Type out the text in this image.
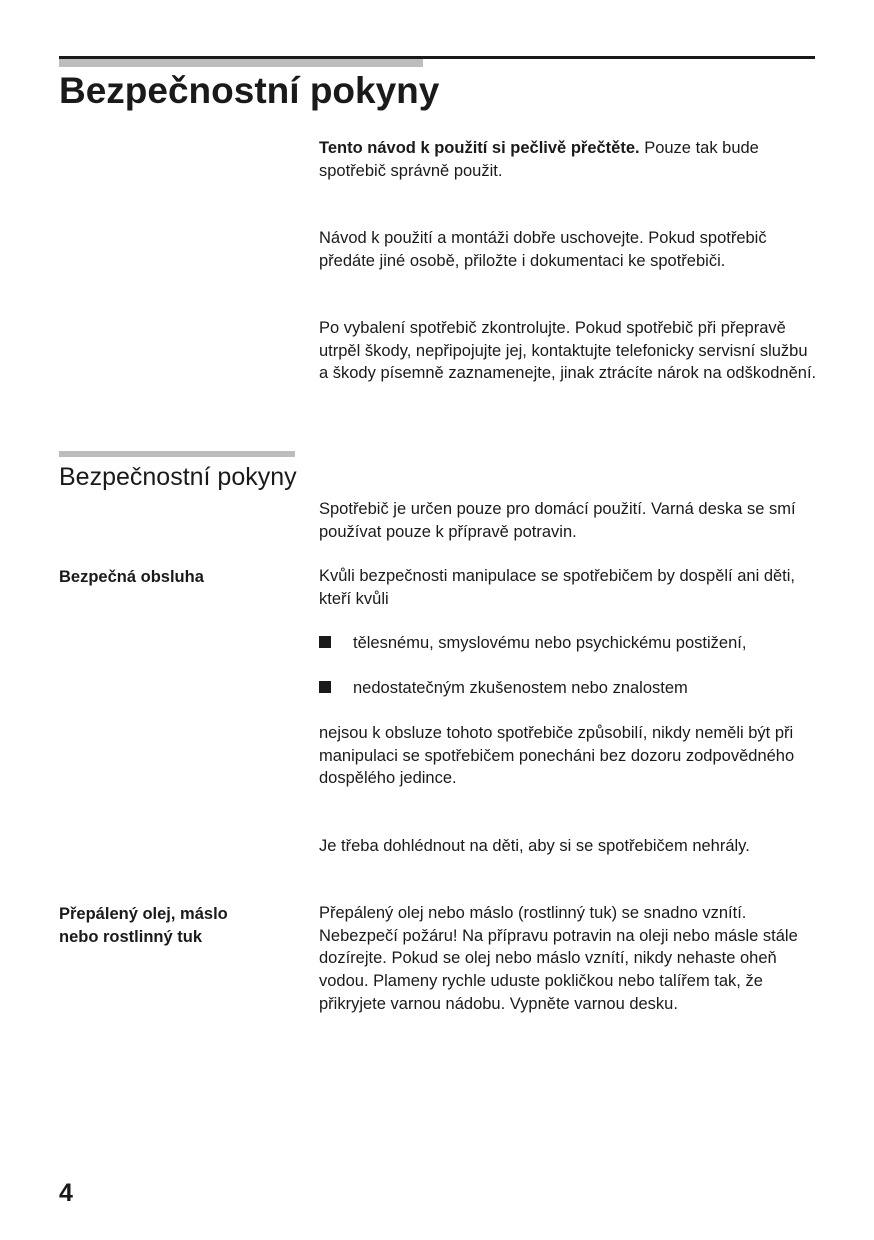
Bezpečnostní pokyny
Tento návod k použití si pečlivě přečtěte. Pouze tak bude spotřebič správně použit.
Návod k použití a montáži dobře uschovejte. Pokud spotřebič předáte jiné osobě, přiložte i dokumentaci ke spotřebiči.
Po vybalení spotřebič zkontrolujte. Pokud spotřebič při přepravě utrpěl škody, nepřipojujte jej, kontaktujte telefonicky servisní službu a škody písemně zaznamenejte, jinak ztrácíte nárok na odškodnění.
Bezpečnostní pokyny
Spotřebič je určen pouze pro domácí použití. Varná deska se smí používat pouze k přípravě potravin.
Bezpečná obsluha	Kvůli bezpečnosti manipulace se spotřebičem by dospělí ani děti, kteří kvůli
tělesnému, smyslovému nebo psychickému postižení,
nedostatečným zkušenostem nebo znalostem
nejsou k obsluze tohoto spotřebiče způsobilí, nikdy neměli být při manipulaci se spotřebičem ponecháni bez dozoru zodpovědného dospělého jedince.
Je třeba dohlédnout na děti, aby si se spotřebičem nehrály.
Přepálený olej, máslo nebo rostlinný tuk
Přepálený olej nebo máslo (rostlinný tuk) se snadno vznítí. Nebezpečí požáru! Na přípravu potravin na oleji nebo másle stále dozírejte. Pokud se olej nebo máslo vznítí, nikdy nehaste oheň vodou. Plameny rychle uduste pokličkou nebo talířem tak, že přikryjete varnou nádobu. Vypněte varnou desku.
4
